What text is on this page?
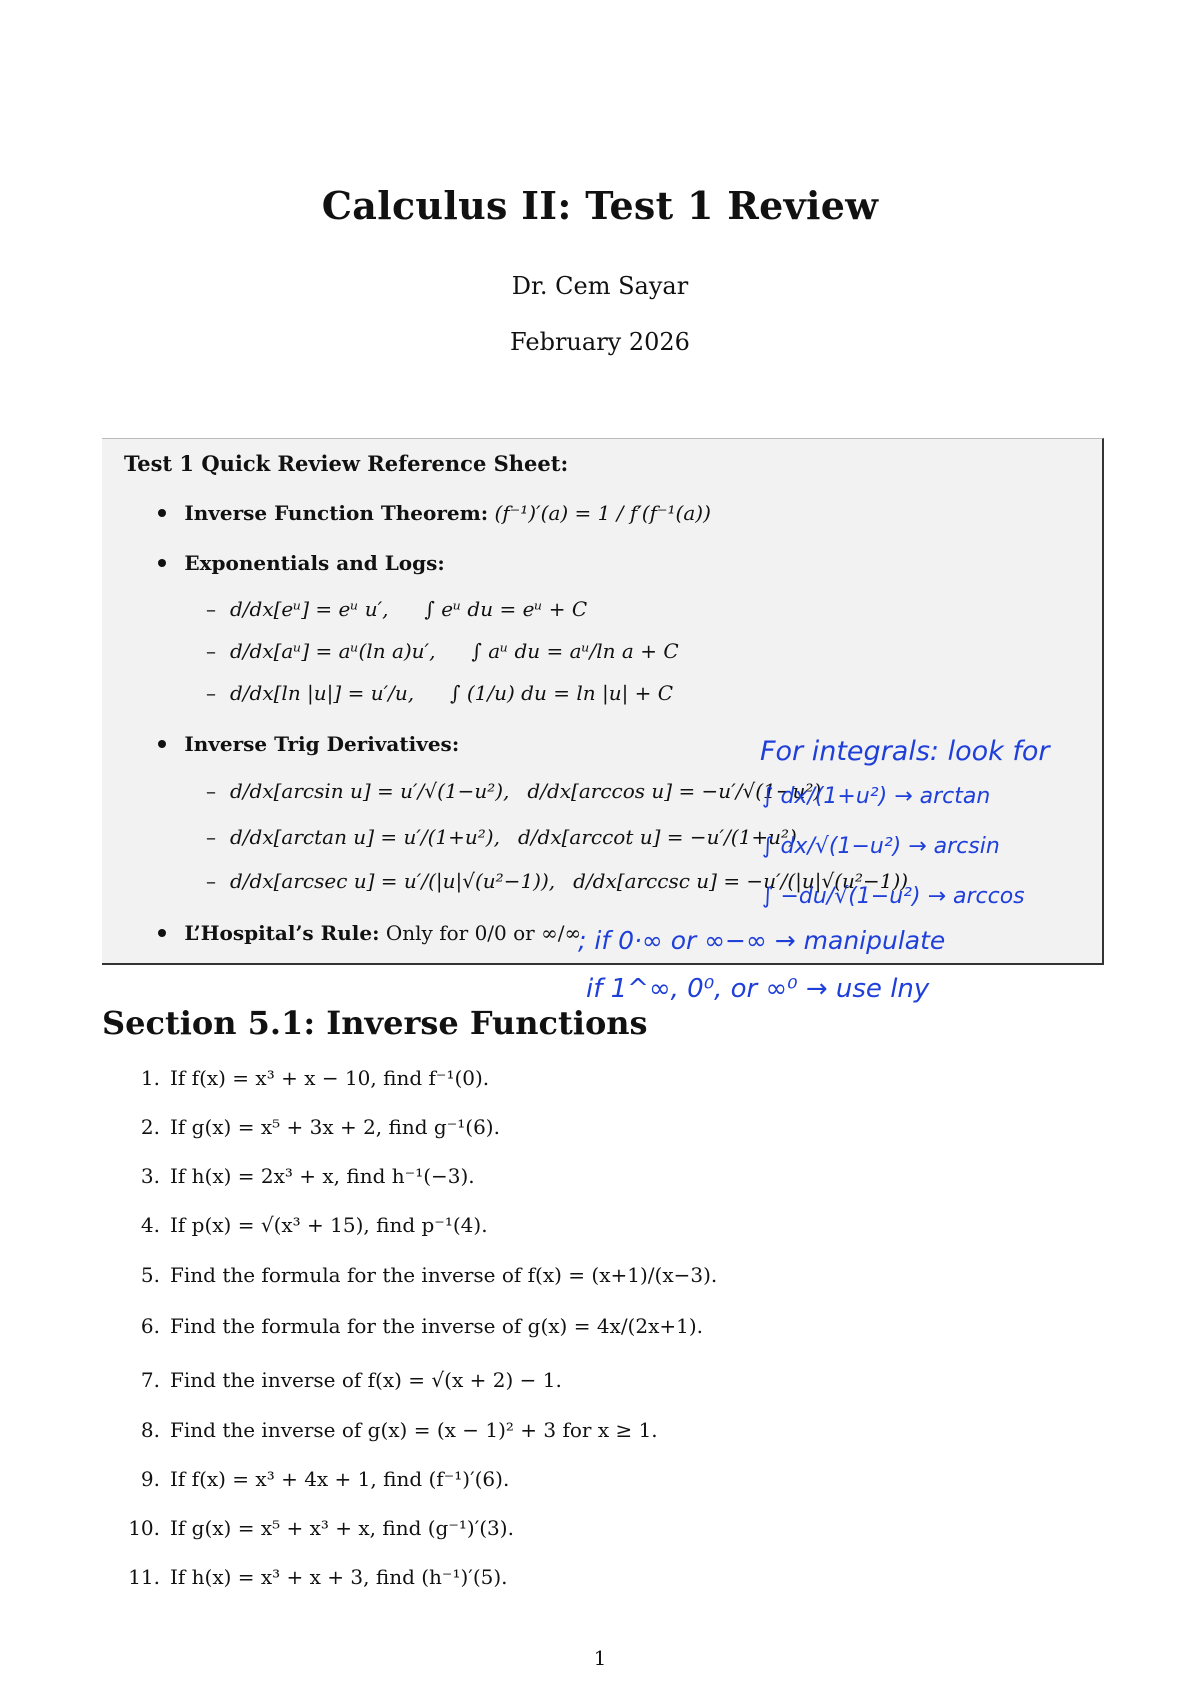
Calculus II: Test 1 Review
Dr. Cem Sayar
February 2026
Test 1 Quick Review Reference Sheet:
Inverse Function Theorem: (f⁻¹)′(a) = 1 / f′(f⁻¹(a))
Exponentials and Logs:
– d/dx[eᵘ] = eᵘ u′, ∫ eᵘ du = eᵘ + C
– d/dx[aᵘ] = aᵘ(ln a)u′, ∫ aᵘ du = aᵘ/ln a + C
– d/dx[ln |u|] = u′/u, ∫ (1/u) du = ln |u| + C
Inverse Trig Derivatives:
– d/dx[arcsin u] = u′/√(1−u²), d/dx[arccos u] = −u′/√(1−u²)
– d/dx[arctan u] = u′/(1+u²), d/dx[arccot u] = −u′/(1+u²)
– d/dx[arcsec u] = u′/(|u|√(u²−1)), d/dx[arccsc u] = −u′/(|u|√(u²−1))
L’Hospital’s Rule: Only for 0/0 or ∞/∞
For integrals: look for
∫ dx/(1+u²) → arctan
∫ dx/√(1−u²) → arcsin
∫ −du/√(1−u²) → arccos
; if 0·∞ or ∞−∞ → manipulate
if 1^∞, 0⁰, or ∞⁰ → use lny
Section 5.1: Inverse Functions
1. If f(x) = x³ + x − 10, find f⁻¹(0).
2. If g(x) = x⁵ + 3x + 2, find g⁻¹(6).
3. If h(x) = 2x³ + x, find h⁻¹(−3).
4. If p(x) = √(x³ + 15), find p⁻¹(4).
5. Find the formula for the inverse of f(x) = (x+1)/(x−3).
6. Find the formula for the inverse of g(x) = 4x/(2x+1).
7. Find the inverse of f(x) = √(x + 2) − 1.
8. Find the inverse of g(x) = (x − 1)² + 3 for x ≥ 1.
9. If f(x) = x³ + 4x + 1, find (f⁻¹)′(6).
10. If g(x) = x⁵ + x³ + x, find (g⁻¹)′(3).
11. If h(x) = x³ + x + 3, find (h⁻¹)′(5).
1
